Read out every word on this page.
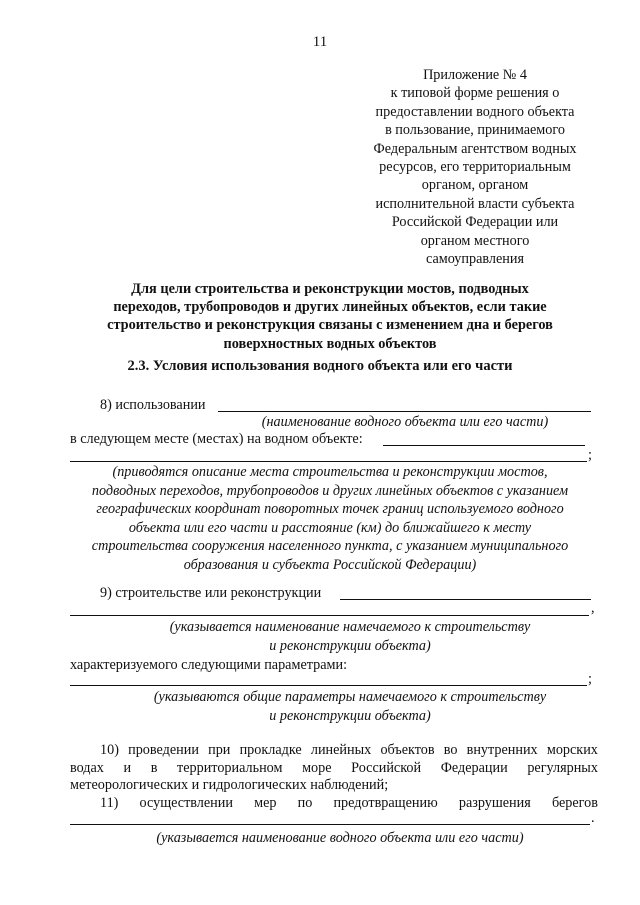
11
Приложение № 4
к типовой форме решения о
предоставлении водного объекта
в пользование, принимаемого
Федеральным агентством водных
ресурсов, его территориальным
органом, органом
исполнительной власти субъекта
Российской Федерации или
органом местного
самоуправления
Для цели строительства и реконструкции мостов, подводных
переходов, трубопроводов и других линейных объектов, если такие
строительство и реконструкция связаны с изменением дна и берегов
поверхностных водных объектов
2.3. Условия использования водного объекта или его части
8) использовании
(наименование водного объекта или его части)
в следующем месте (местах) на водном объекте:
;
(приводятся описание места строительства и реконструкции мостов,
подводных переходов, трубопроводов и других линейных объектов с указанием
географических координат поворотных точек границ используемого водного
объекта или его части и расстояние (км) до ближайшего к месту
строительства сооружения населенного пункта, с указанием муниципального
образования и субъекта Российской Федерации)
9) строительстве или реконструкции
,
(указывается наименование намечаемого к строительству
и реконструкции объекта)
характеризуемого следующими параметрами:
;
(указываются общие параметры намечаемого к строительству
и реконструкции объекта)
10) проведении при прокладке линейных объектов во внутренних морских
водах и в территориальном море Российской Федерации регулярных
метеорологических и гидрологических наблюдений;
11) осуществлении мер по предотвращению разрушения берегов
.
(указывается наименование водного объекта или его части)
